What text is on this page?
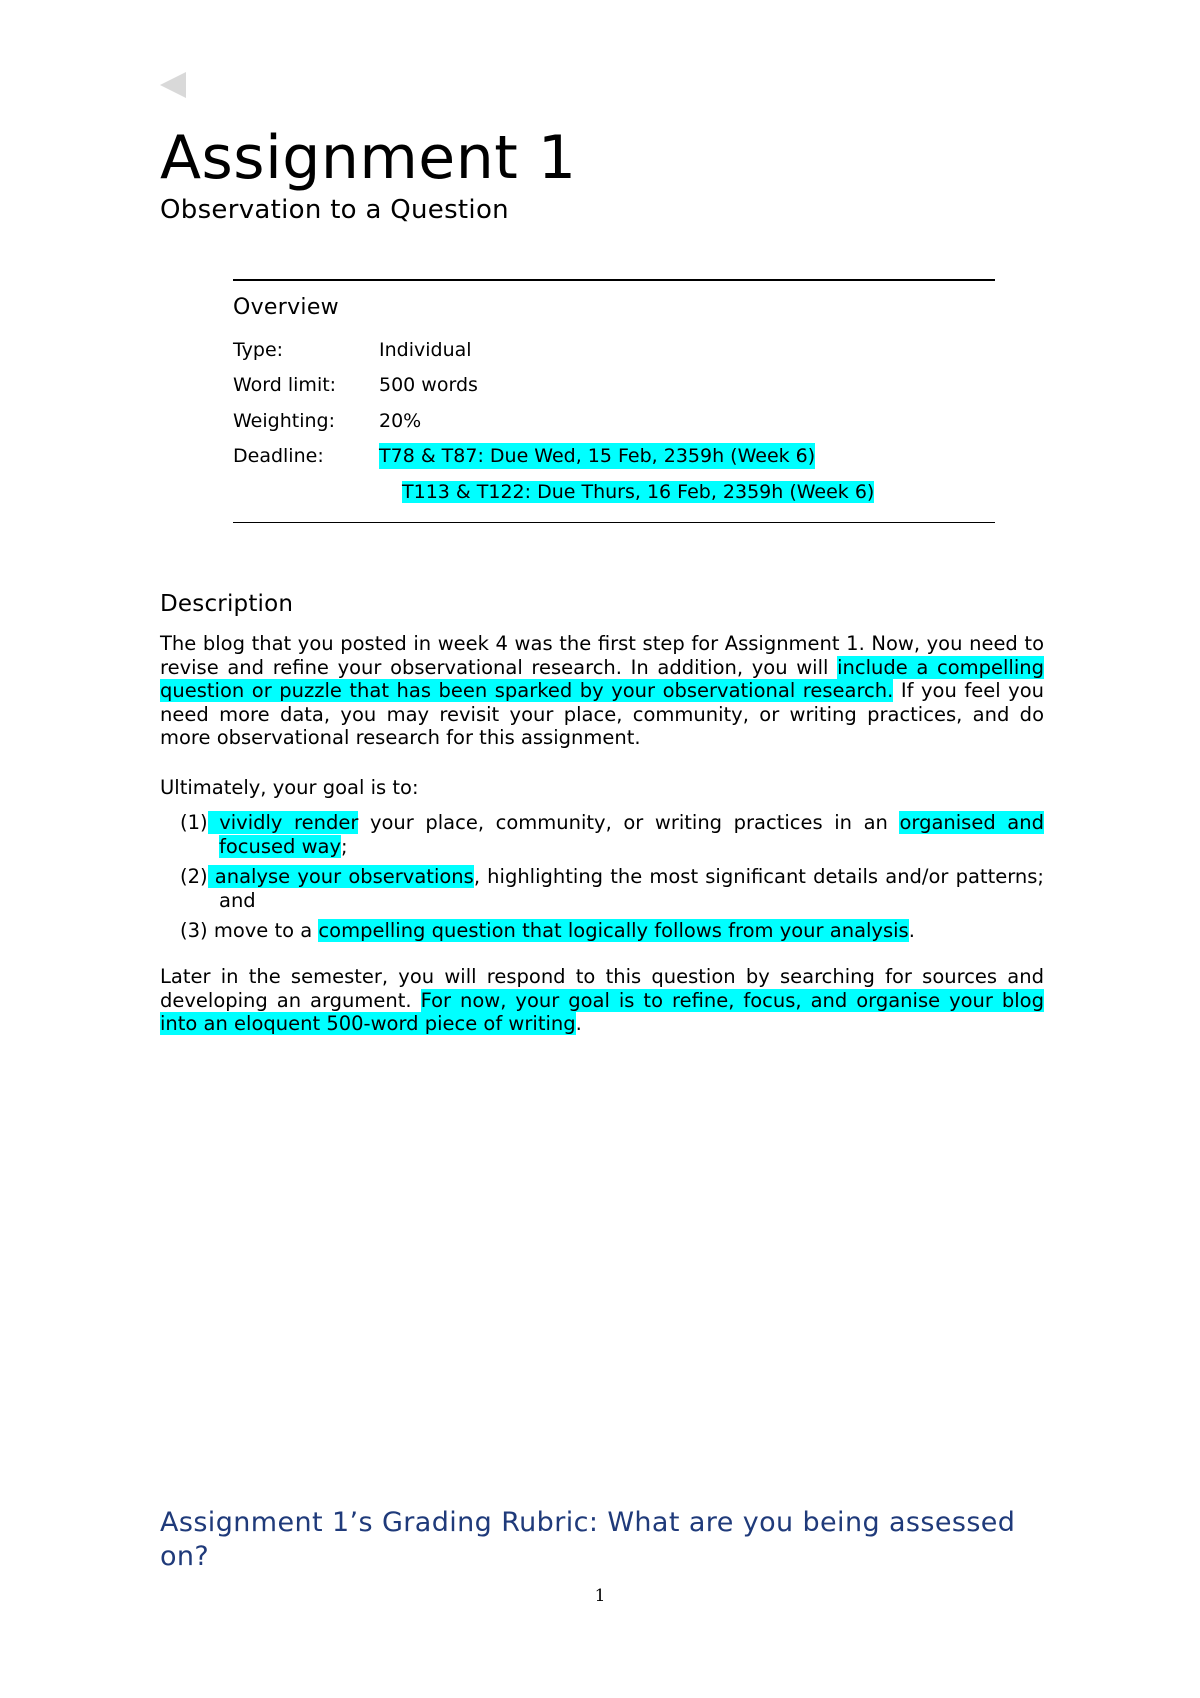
Assignment 1
Observation to a Question
Overview
Type:	Individual
Word limit: 500 words
Weighting: 20%
Deadline:	T78 & T87: Due Wed, 15 Feb, 2359h (Week 6)
T113 & T122: Due Thurs, 16 Feb, 2359h (Week 6)
Description

The blog that you posted in week 4 was the first step for Assignment 1. Now, you need to revise and refine your observational research. In addition, you will include a compelling question or puzzle that has been sparked by your observational research. If you feel you need more data, you may revisit your place, community, or writing practices, and do more observational research for this assignment.

Ultimately, your goal is to:

(1) vividly render your place, community, or writing practices in an organised and focused way;

(2) analyse your observations, highlighting the most significant details and/or patterns; and

(3) move to a compelling question that logically follows from your analysis.

Later in the semester, you will respond to this question by searching for sources and developing an argument. For now, your goal is to refine, focus, and organise your blog into an eloquent 500-word piece of writing.

Assignment 1’s Grading Rubric: What are you being assessed on?
1
